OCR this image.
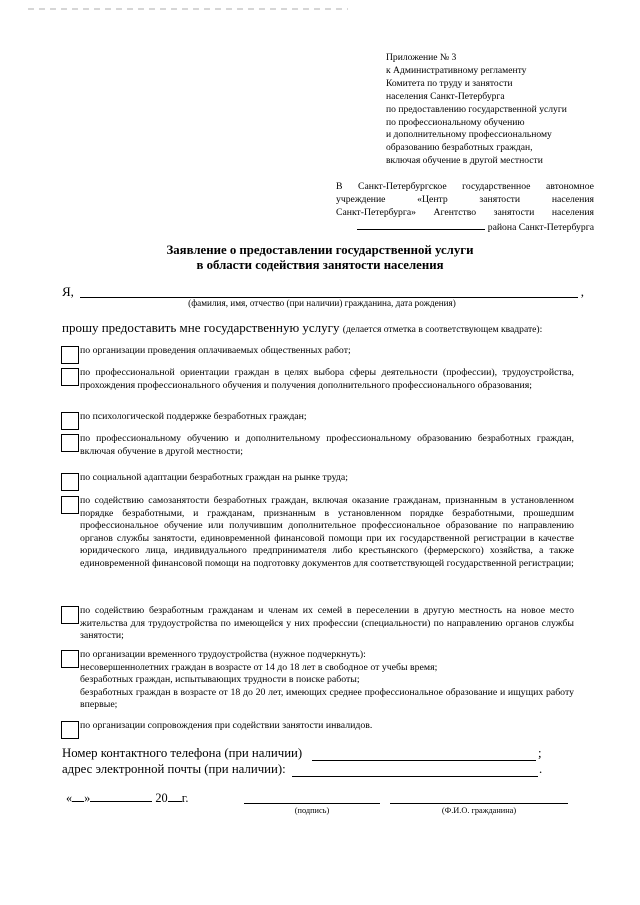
Приложение № 3
к Административному регламенту
Комитета по труду и занятости
населения Санкт-Петербурга
по предоставлению государственной услуги
по профессиональному обучению
и дополнительному профессиональному
образованию безработных граждан,
включая обучение в другой местности
В Санкт-Петербургское государственное автономное
учреждение «Центр занятости населения
Санкт-Петербурга» Агентство занятости населения
района Санкт-Петербурга
Заявление о предоставлении государственной услуги
в области содействия занятости населения
Я,	,
(фамилия, имя, отчество (при наличии) гражданина, дата рождения)
прошу предоставить мне государственную услугу (делается отметка в соответствующем квадрате):
по организации проведения оплачиваемых общественных работ;
по профессиональной ориентации граждан в целях выбора сферы деятельности (профессии), трудоустройства, прохождения профессионального обучения и получения дополнительного профессионального образования;
по психологической поддержке безработных граждан;
по профессиональному обучению и дополнительному профессиональному образованию безработных граждан, включая обучение в другой местности;
по социальной адаптации безработных граждан на рынке труда;
по содействию самозанятости безработных граждан, включая оказание гражданам, признанным в установленном порядке безработными, и гражданам, признанным в установленном порядке безработными, прошедшим профессиональное обучение или получившим дополнительное профессиональное образование по направлению органов службы занятости, единовременной финансовой помощи при их государственной регистрации в качестве юридического лица, индивидуального предпринимателя либо крестьянского (фермерского) хозяйства, а также единовременной финансовой помощи на подготовку документов для соответствующей государственной регистрации;
по содействию безработным гражданам и членам их семей в переселении в другую местность на новое место жительства для трудоустройства по имеющейся у них профессии (специальности) по направлению органов службы занятости;
по организации временного трудоустройства (нужное подчеркнуть):
несовершеннолетних граждан в возрасте от 14 до 18 лет в свободное от учебы время;
безработных граждан, испытывающих трудности в поиске работы;
безработных граждан в возрасте от 18 до 20 лет, имеющих среднее профессиональное образование и ищущих работу впервые;
по организации сопровождения при содействии занятости инвалидов.
Номер контактного телефона (при наличии)	;
адрес электронной почты (при наличии):	.
« »	20 г.
(подпись)	(Ф.И.О. гражданина)
